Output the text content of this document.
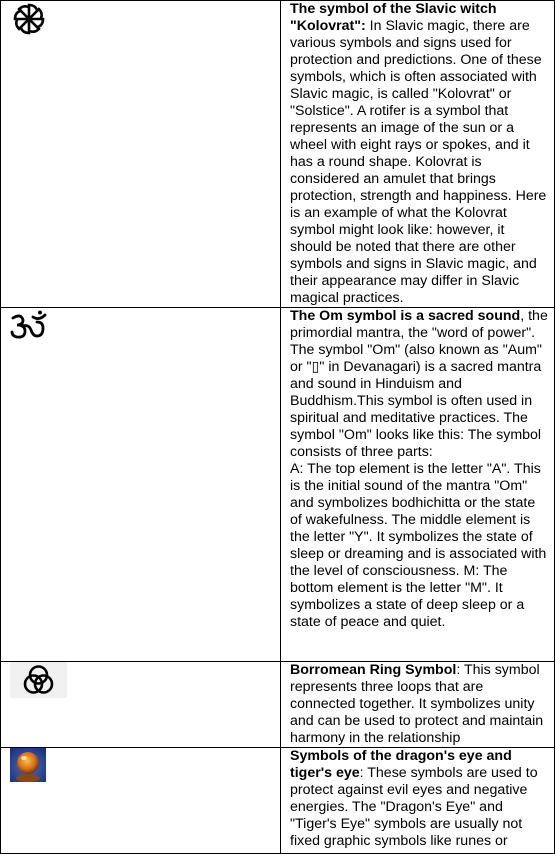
	The symbol of the Slavic witch "Kolovrat": In Slavic magic, there are various symbols and signs used for protection and predictions. One of these symbols, which is often associated with Slavic magic, is called "Kolovrat" or "Solstice". A rotifer is a symbol that represents an image of the sun or a wheel with eight rays or spokes, and it has a round shape. Kolovrat is considered an amulet that brings protection, strength and happiness. Here is an example of what the Kolovrat symbol might look like: however, it should be noted that there are other symbols and signs in Slavic magic, and their appearance may differ in Slavic magical practices.

	The Om symbol is a sacred sound, the primordial mantra, the "word of power". The symbol "Om" (also known as "Aum" or "▯" in Devanagari) is a sacred mantra and sound in Hinduism and Buddhism.This symbol is often used in spiritual and meditative practices. The symbol "Om" looks like this: The symbol consists of three parts:
A: The top element is the letter "A". This is the initial sound of the mantra "Om" and symbolizes bodhichitta or the state of wakefulness. The middle element is the letter "Y". It symbolizes the state of sleep or dreaming and is associated with the level of consciousness. M: The bottom element is the letter "M". It symbolizes a state of deep sleep or a state of peace and quiet.

	Borromean Ring Symbol: This symbol represents three loops that are connected together. It symbolizes unity and can be used to protect and maintain harmony in the relationship

	Symbols of the dragon's eye and tiger's eye: These symbols are used to protect against evil eyes and negative energies. The "Dragon's Eye" and "Tiger's Eye" symbols are usually not fixed graphic symbols like runes or
